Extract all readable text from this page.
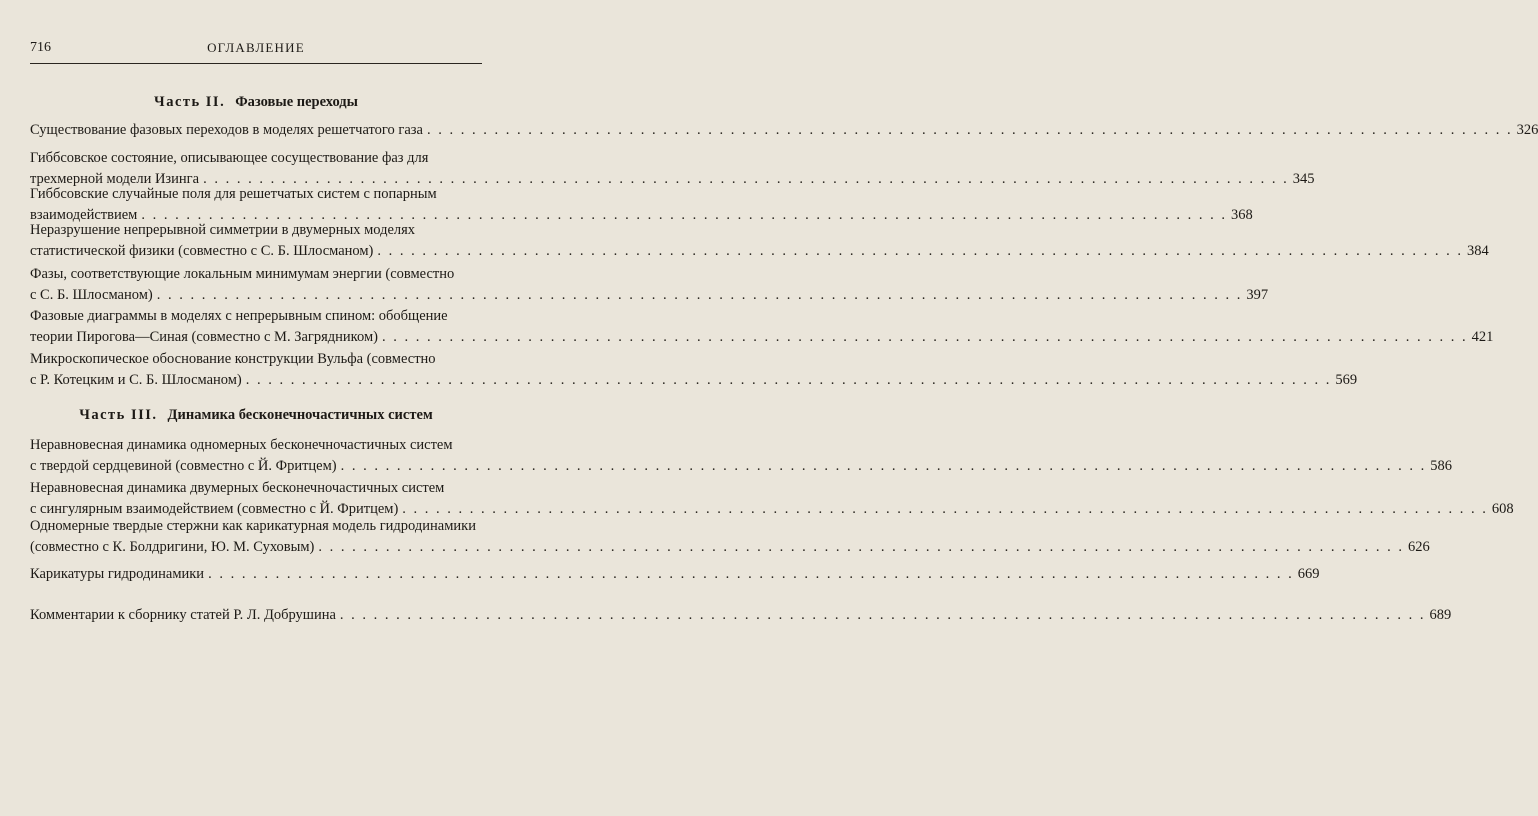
716	ОГЛАВЛЕНИЕ
Часть II. Фазовые переходы
Существование фазовых переходов в моделях решетчатого газа . . . . . . . . . . . . . . . . . . . . . . . . . . . . . . . . . . . . . . . . . . . . . . . . . . . . . . . . . . . . . . . . . . . . . . . . . . . . . . . . . . . . . . . . . . . . . . . . . 326
Гиббсовское состояние, описывающее сосуществование фаз для
трехмерной модели Изинга . . . . . . . . . . . . . . . . . . . . . . . . . . . . . . . . . . . . . . . . . . . . . . . . . . . . . . . . . . . . . . . . . . . . . . . . . . . . . . . . . . . . . . . . . . . . . . . . . 345
Гиббсовские случайные поля для решетчатых систем с попарным
взаимодействием . . . . . . . . . . . . . . . . . . . . . . . . . . . . . . . . . . . . . . . . . . . . . . . . . . . . . . . . . . . . . . . . . . . . . . . . . . . . . . . . . . . . . . . . . . . . . . . . . 368
Неразрушение непрерывной симметрии в двумерных моделях
статистической физики (совместно с С. Б. Шлосманом) . . . . . . . . . . . . . . . . . . . . . . . . . . . . . . . . . . . . . . . . . . . . . . . . . . . . . . . . . . . . . . . . . . . . . . . . . . . . . . . . . . . . . . . . . . . . . . . . . 384
Фазы, соответствующие локальным минимумам энергии (совместно
с С. Б. Шлосманом) . . . . . . . . . . . . . . . . . . . . . . . . . . . . . . . . . . . . . . . . . . . . . . . . . . . . . . . . . . . . . . . . . . . . . . . . . . . . . . . . . . . . . . . . . . . . . . . . . 397
Фазовые диаграммы в моделях с непрерывным спином: обобщение
теории Пирогова—Синая (совместно с М. Загрядником) . . . . . . . . . . . . . . . . . . . . . . . . . . . . . . . . . . . . . . . . . . . . . . . . . . . . . . . . . . . . . . . . . . . . . . . . . . . . . . . . . . . . . . . . . . . . . . . . . 421
Микроскопическое обоснование конструкции Вульфа (совместно
с Р. Котецким и С. Б. Шлосманом) . . . . . . . . . . . . . . . . . . . . . . . . . . . . . . . . . . . . . . . . . . . . . . . . . . . . . . . . . . . . . . . . . . . . . . . . . . . . . . . . . . . . . . . . . . . . . . . . . 569
Часть III. Динамика бесконечночастичных систем
Неравновесная динамика одномерных бесконечночастичных систем
с твердой сердцевиной (совместно с Й. Фритцем) . . . . . . . . . . . . . . . . . . . . . . . . . . . . . . . . . . . . . . . . . . . . . . . . . . . . . . . . . . . . . . . . . . . . . . . . . . . . . . . . . . . . . . . . . . . . . . . . . 586
Неравновесная динамика двумерных бесконечночастичных систем
с сингулярным взаимодействием (совместно с Й. Фритцем) . . . . . . . . . . . . . . . . . . . . . . . . . . . . . . . . . . . . . . . . . . . . . . . . . . . . . . . . . . . . . . . . . . . . . . . . . . . . . . . . . . . . . . . . . . . . . . . . . 608
Одномерные твердые стержни как карикатурная модель гидродинамики
(совместно с К. Болдригини, Ю. М. Суховым) . . . . . . . . . . . . . . . . . . . . . . . . . . . . . . . . . . . . . . . . . . . . . . . . . . . . . . . . . . . . . . . . . . . . . . . . . . . . . . . . . . . . . . . . . . . . . . . . . 626
Карикатуры гидродинамики . . . . . . . . . . . . . . . . . . . . . . . . . . . . . . . . . . . . . . . . . . . . . . . . . . . . . . . . . . . . . . . . . . . . . . . . . . . . . . . . . . . . . . . . . . . . . . . . . 669
Комментарии к сборнику статей Р. Л. Добрушина . . . . . . . . . . . . . . . . . . . . . . . . . . . . . . . . . . . . . . . . . . . . . . . . . . . . . . . . . . . . . . . . . . . . . . . . . . . . . . . . . . . . . . . . . . . . . . . . . 689
